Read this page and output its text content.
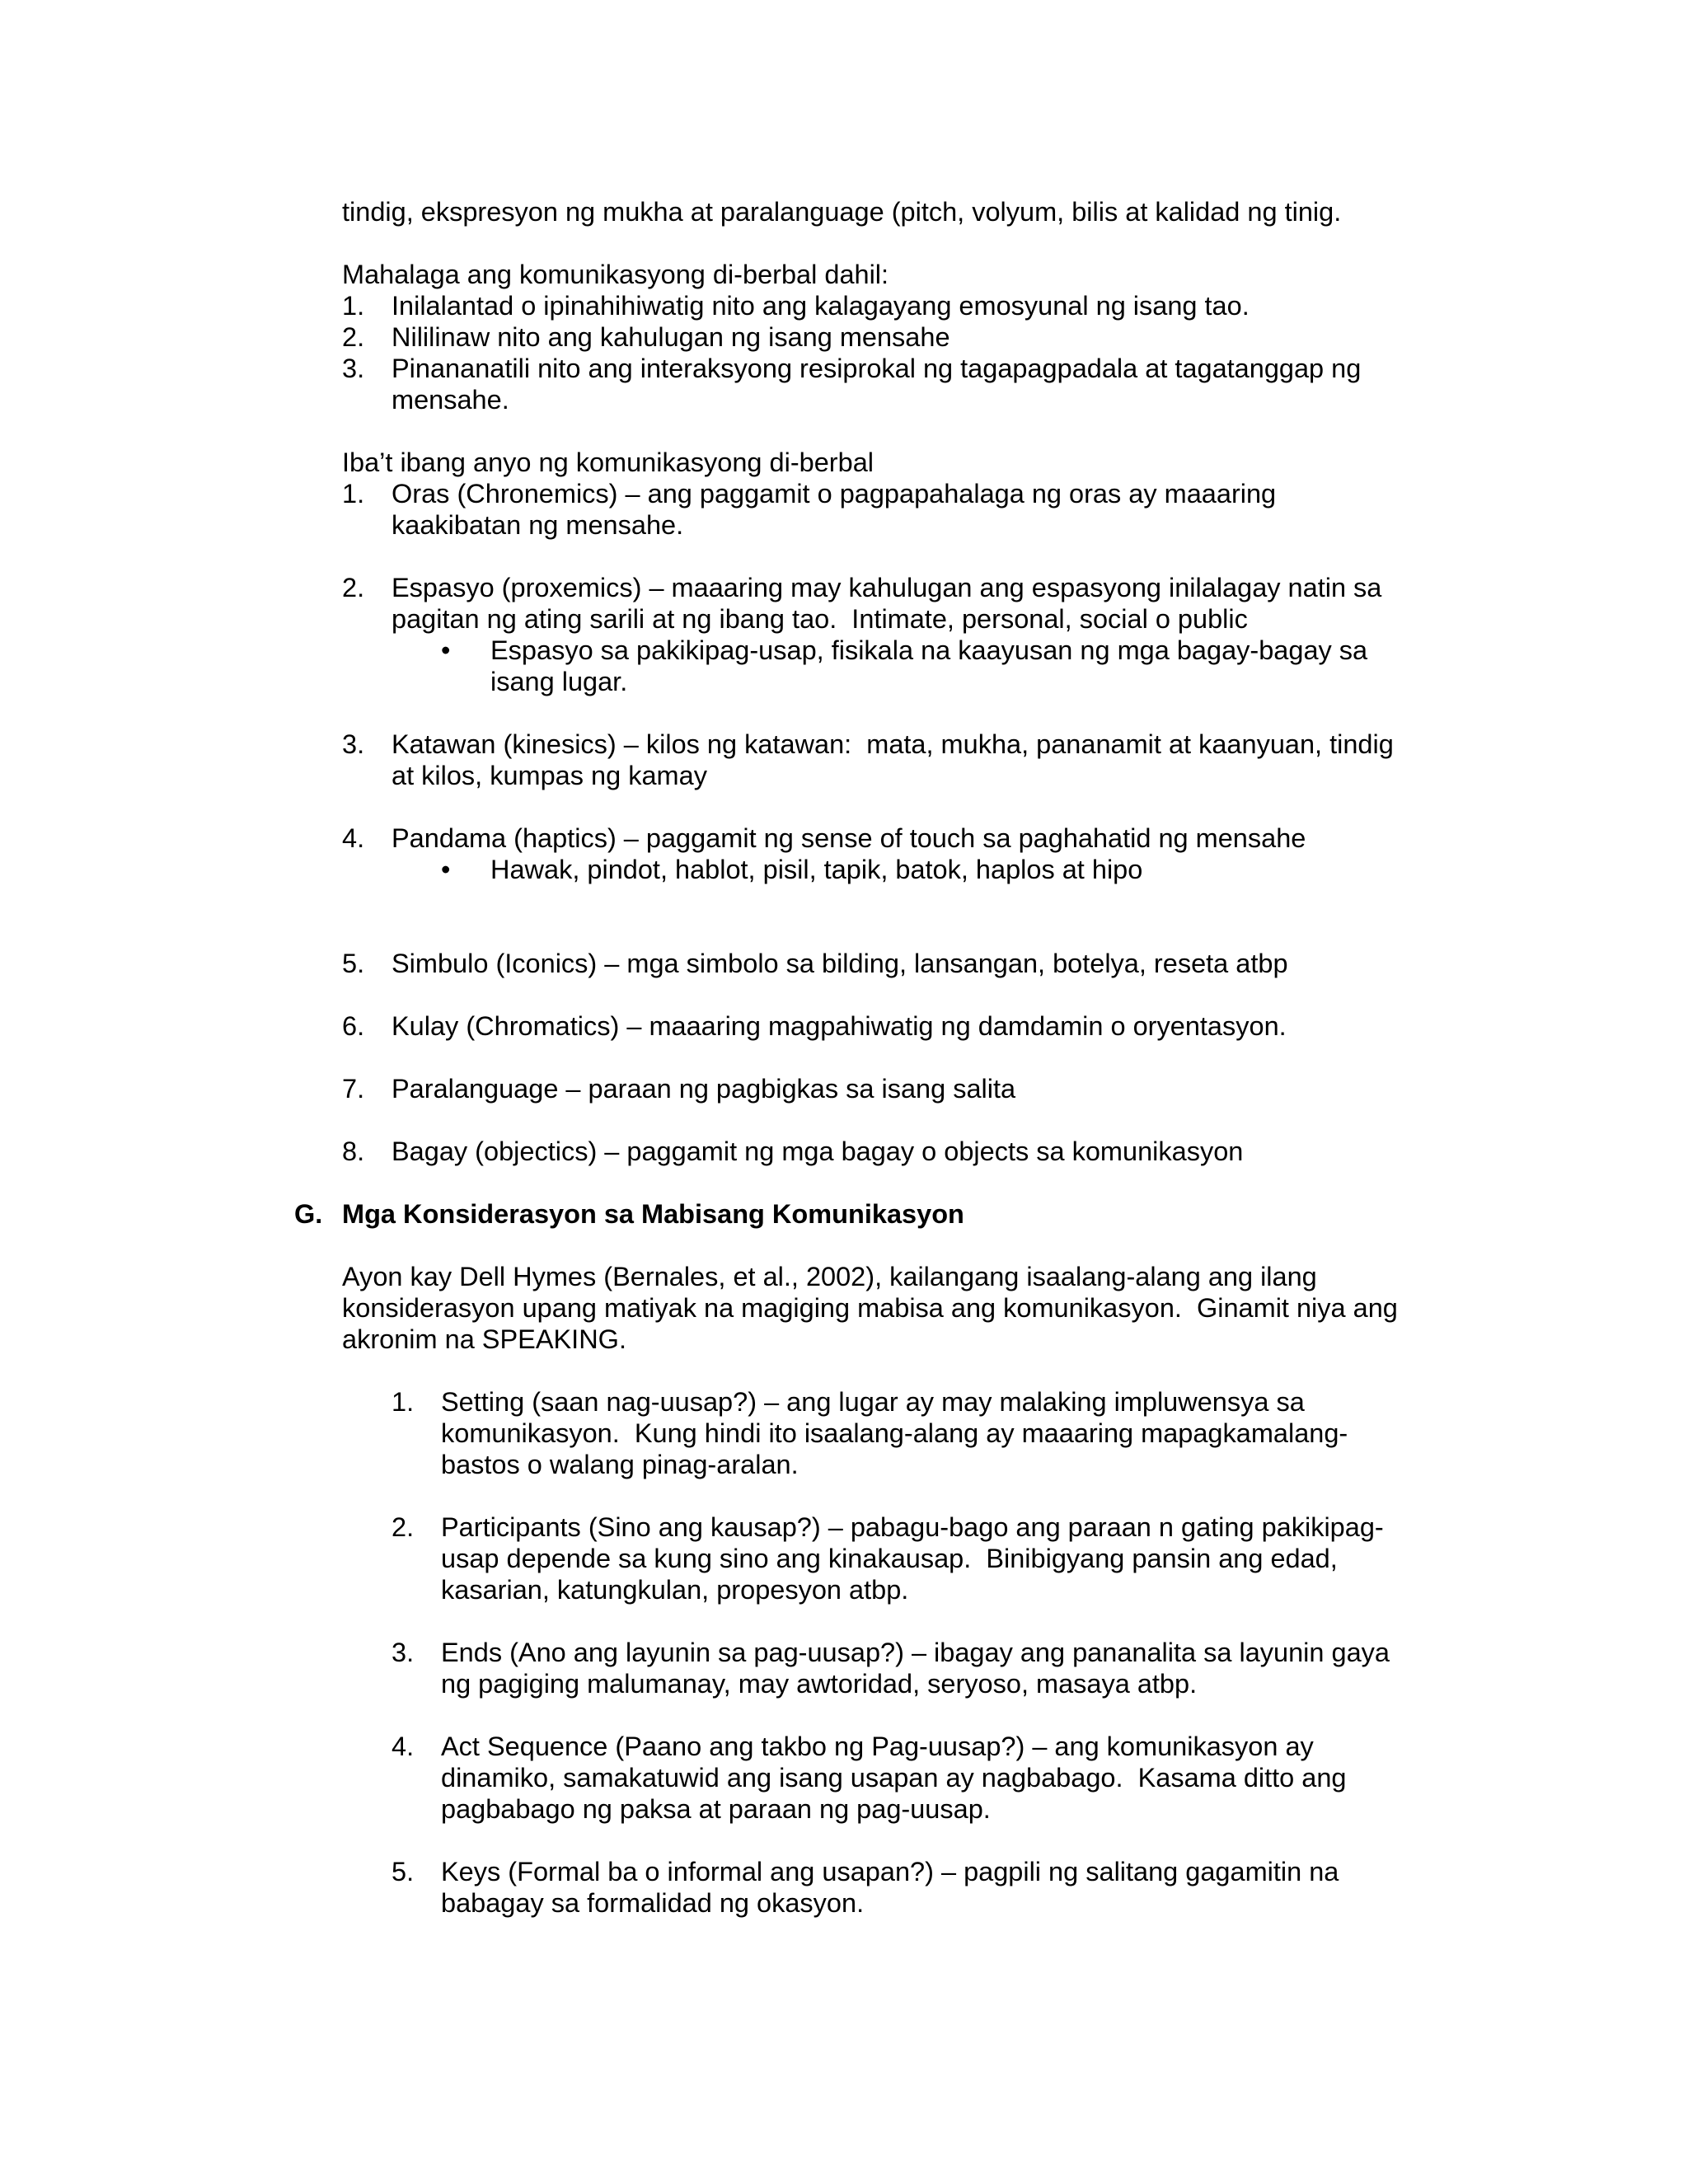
tindig, ekspresyon ng mukha at paralanguage (pitch, volyum, bilis at kalidad ng tinig.
Mahalaga ang komunikasyong di-berbal dahil:
1. Inilalantad o ipinahihiwatig nito ang kalagayang emosyunal ng isang tao.
2. Nililinaw nito ang kahulugan ng isang mensahe
3. Pinananatili nito ang interaksyong resiprokal ng tagapagpadala at tagatanggap ng
mensahe.
Iba’t ibang anyo ng komunikasyong di-berbal
1. Oras (Chronemics) – ang paggamit o pagpapahalaga ng oras ay maaaring
kaakibatan ng mensahe.
2. Espasyo (proxemics) – maaaring may kahulugan ang espasyong inilalagay natin sa
pagitan ng ating sarili at ng ibang tao.  Intimate, personal, social o public
• Espasyo sa pakikipag-usap, fisikala na kaayusan ng mga bagay-bagay sa
isang lugar.
3. Katawan (kinesics) – kilos ng katawan:  mata, mukha, pananamit at kaanyuan, tindig
at kilos, kumpas ng kamay
4. Pandama (haptics) – paggamit ng sense of touch sa paghahatid ng mensahe
• Hawak, pindot, hablot, pisil, tapik, batok, haplos at hipo
5. Simbulo (Iconics) – mga simbolo sa bilding, lansangan, botelya, reseta atbp
6. Kulay (Chromatics) – maaaring magpahiwatig ng damdamin o oryentasyon.
7. Paralanguage – paraan ng pagbigkas sa isang salita
8. Bagay (objectics) – paggamit ng mga bagay o objects sa komunikasyon
G. Mga Konsiderasyon sa Mabisang Komunikasyon
Ayon kay Dell Hymes (Bernales, et al., 2002), kailangang isaalang-alang ang ilang
konsiderasyon upang matiyak na magiging mabisa ang komunikasyon.  Ginamit niya ang
akronim na SPEAKING.
1. Setting (saan nag-uusap?) – ang lugar ay may malaking impluwensya sa
komunikasyon.  Kung hindi ito isaalang-alang ay maaaring mapagkamalang-
bastos o walang pinag-aralan.
2. Participants (Sino ang kausap?) – pabagu-bago ang paraan n gating pakikipag-
usap depende sa kung sino ang kinakausap.  Binibigyang pansin ang edad,
kasarian, katungkulan, propesyon atbp.
3. Ends (Ano ang layunin sa pag-uusap?) – ibagay ang pananalita sa layunin gaya
ng pagiging malumanay, may awtoridad, seryoso, masaya atbp.
4. Act Sequence (Paano ang takbo ng Pag-uusap?) – ang komunikasyon ay
dinamiko, samakatuwid ang isang usapan ay nagbabago.  Kasama ditto ang
pagbabago ng paksa at paraan ng pag-uusap.
5. Keys (Formal ba o informal ang usapan?) – pagpili ng salitang gagamitin na
babagay sa formalidad ng okasyon.
